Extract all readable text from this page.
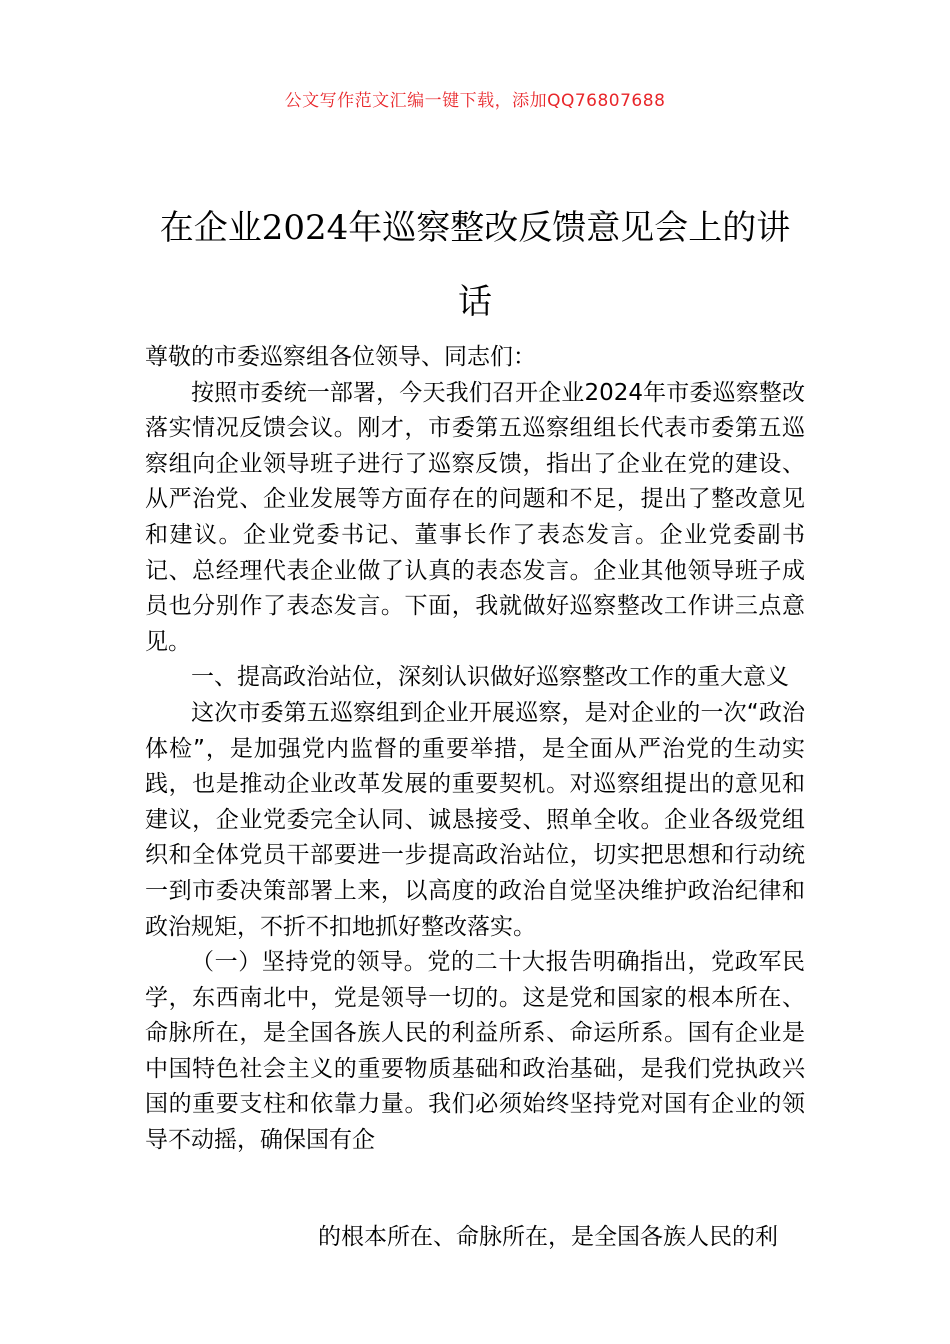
公文写作范文汇编一键下载，添加QQ76807688
在企业2024年巡察整改反馈意见会上的讲话

尊敬的市委巡察组各位领导、同志们：

按照市委统一部署，今天我们召开企业2024年市委巡察整改落实情况反馈会议。刚才，市委第五巡察组组长代表市委第五巡察组向企业领导班子进行了巡察反馈，指出了企业在党的建设、从严治党、企业发展等方面存在的问题和不足，提出了整改意见和建议。企业党委书记、董事长作了表态发言。企业党委副书记、总经理代表企业做了认真的表态发言。企业其他领导班子成员也分别作了表态发言。下面，我就做好巡察整改工作讲三点意见。

一、提高政治站位，深刻认识做好巡察整改工作的重大意义

这次市委第五巡察组到企业开展巡察，是对企业的一次“政治体检”，是加强党内监督的重要举措，是全面从严治党的生动实践，也是推动企业改革发展的重要契机。对巡察组提出的意见和建议，企业党委完全认同、诚恳接受、照单全收。企业各级党组织和全体党员干部要进一步提高政治站位，切实把思想和行动统一到市委决策部署上来，以高度的政治自觉坚决维护政治纪律和政治规矩，不折不扣地抓好整改落实。

（一）坚持党的领导。党的二十大报告明确指出，党政军民学，东西南北中，党是领导一切的。这是党和国家的根本所在、命脉所在，是全国各族人民的利益所系、命运所系。国有企业是中国特色社会主义的重要物质基础和政治基础，是我们党执政兴国的重要支柱和依靠力量。我们必须始终坚持党对国有企业的领导不动摇，确保国有企

的根本所在、命脉所在，是全国各族人民的利
